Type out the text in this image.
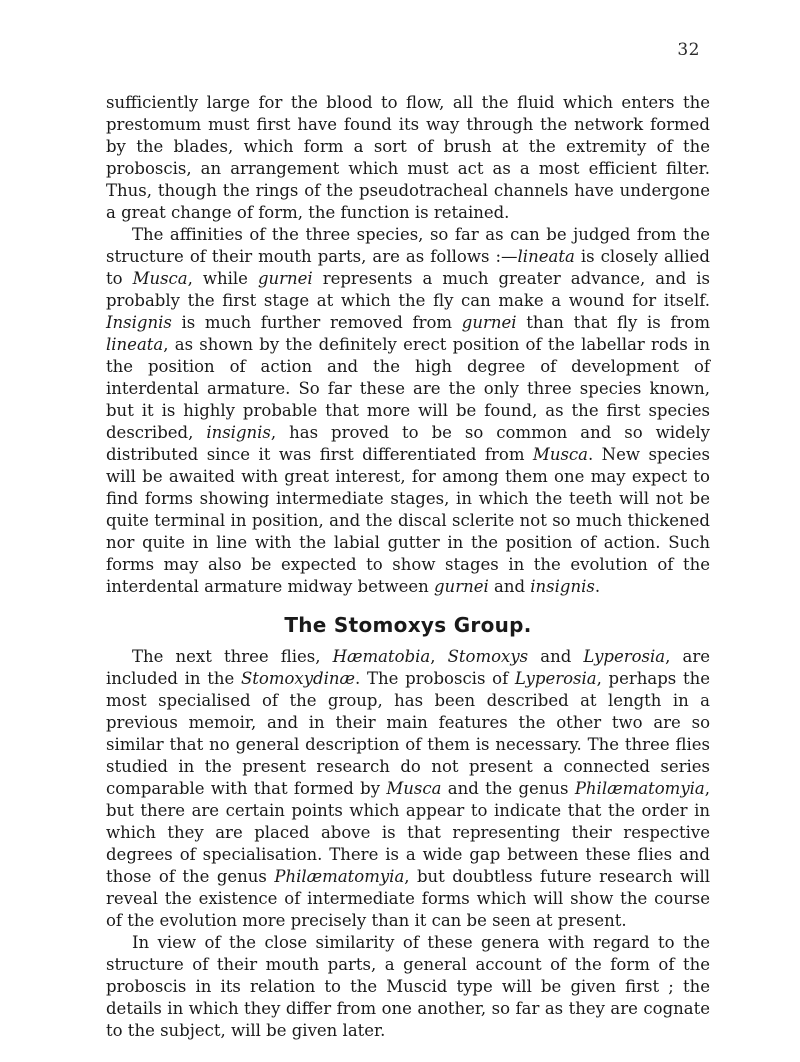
32

sufficiently large for the blood to flow, all the fluid which enters the prestomum must first have found its way through the network formed by the blades, which form a sort of brush at the extremity of the proboscis, an arrangement which must act as a most efficient filter. Thus, though the rings of the pseudotracheal channels have undergone a great change of form, the function is retained.

The affinities of the three species, so far as can be judged from the structure of their mouth parts, are as follows :—lineata is closely allied to Musca, while gurnei represents a much greater advance, and is probably the first stage at which the fly can make a wound for itself. Insignis is much further removed from gurnei than that fly is from lineata, as shown by the definitely erect position of the labellar rods in the position of action and the high degree of development of interdental armature. So far these are the only three species known, but it is highly probable that more will be found, as the first species described, insignis, has proved to be so common and so widely distributed since it was first differentiated from Musca. New species will be awaited with great interest, for among them one may expect to find forms showing intermediate stages, in which the teeth will not be quite terminal in position, and the discal sclerite not so much thickened nor quite in line with the labial gutter in the position of action. Such forms may also be expected to show stages in the evolution of the interdental armature midway between gurnei and insignis.

The Stomoxys Group.

The next three flies, Hæmatobia, Stomoxys and Lyperosia, are included in the Stomoxydinæ. The proboscis of Lyperosia, perhaps the most specialised of the group, has been described at length in a previous memoir, and in their main features the other two are so similar that no general description of them is necessary. The three flies studied in the present research do not present a connected series comparable with that formed by Musca and the genus Philæmatomyia, but there are certain points which appear to indicate that the order in which they are placed above is that representing their respective degrees of specialisation. There is a wide gap between these flies and those of the genus Philæmatomyia, but doubtless future research will reveal the existence of intermediate forms which will show the course of the evolution more precisely than it can be seen at present.

In view of the close similarity of these genera with regard to the structure of their mouth parts, a general account of the form of the proboscis in its relation to the Muscid type will be given first ; the details in which they differ from one another, so far as they are cognate to the subject, will be given later.
